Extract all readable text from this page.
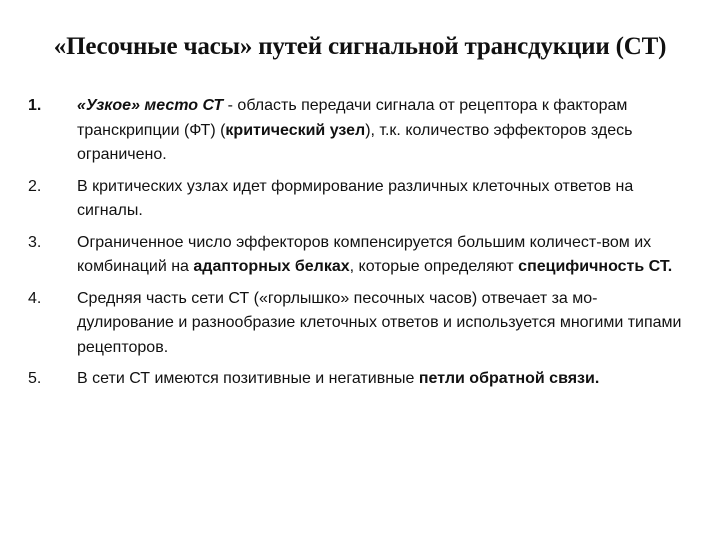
«Песочные часы» путей сигнальной трансдукции (СТ)
1. «Узкое» место СТ - область передачи сигнала от рецептора к факторам транскрипции (ФТ) (критический узел), т.к. количество эффекторов здесь ограничено.
2. В критических узлах идет формирование различных клеточных ответов на сигналы.
3. Ограниченное число эффекторов компенсируется большим количест-вом их комбинаций на адапторных белках, которые определяют специфичность СТ.
4. Средняя часть сети СТ («горлышко» песочных часов) отвечает за мо-дулирование и разнообразие клеточных ответов и используется многими типами рецепторов.
5. В сети СТ имеются позитивные и негативные петли обратной связи.
